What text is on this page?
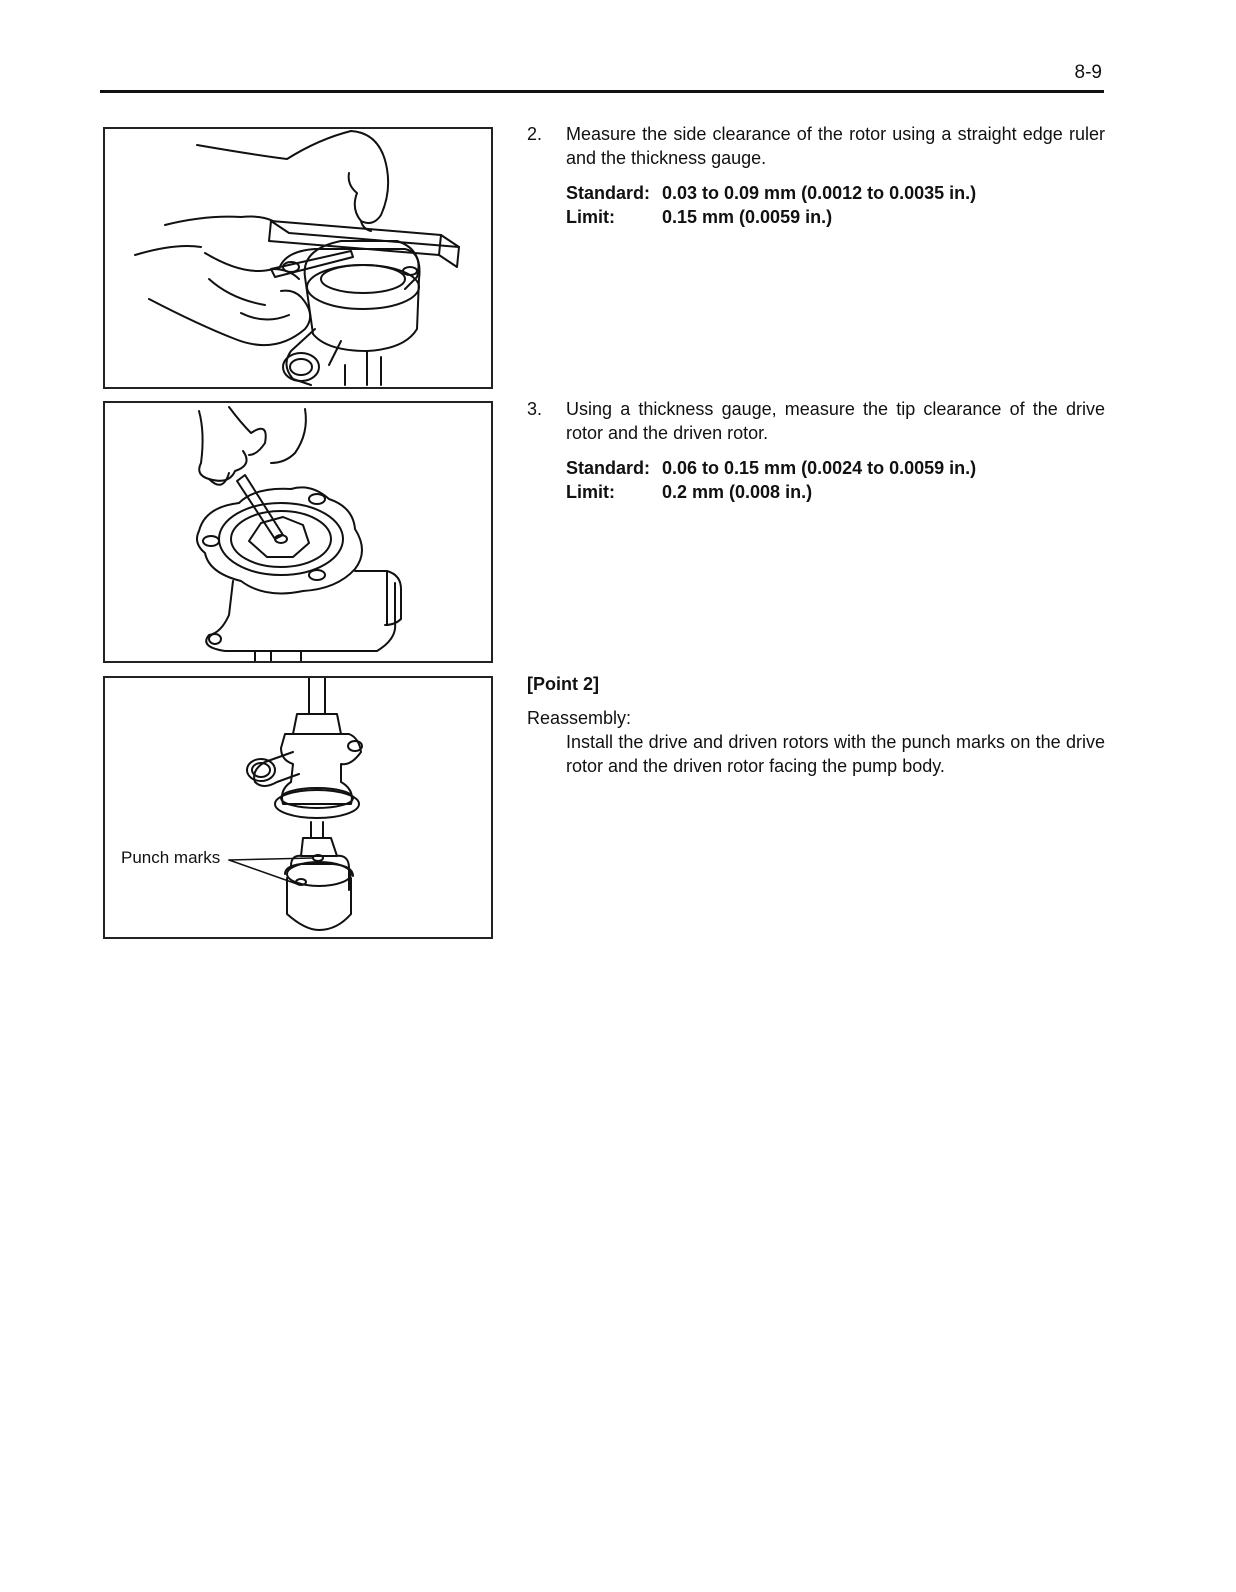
8-9
Punch marks
2. Measure the side clearance of the rotor using a straight edge ruler and the thickness gauge.

Standard: 0.03 to 0.09 mm (0.0012 to 0.0035 in.)
Limit:	0.15 mm (0.0059 in.)
3. Using a thickness gauge, measure the tip clearance of the drive rotor and the driven rotor.

Standard: 0.06 to 0.15 mm (0.0024 to 0.0059 in.)
Limit:	0.2 mm (0.008 in.)

[Point 2]

Reassembly:

Install the drive and driven rotors with the punch marks on the drive rotor and the driven rotor facing the pump body.
